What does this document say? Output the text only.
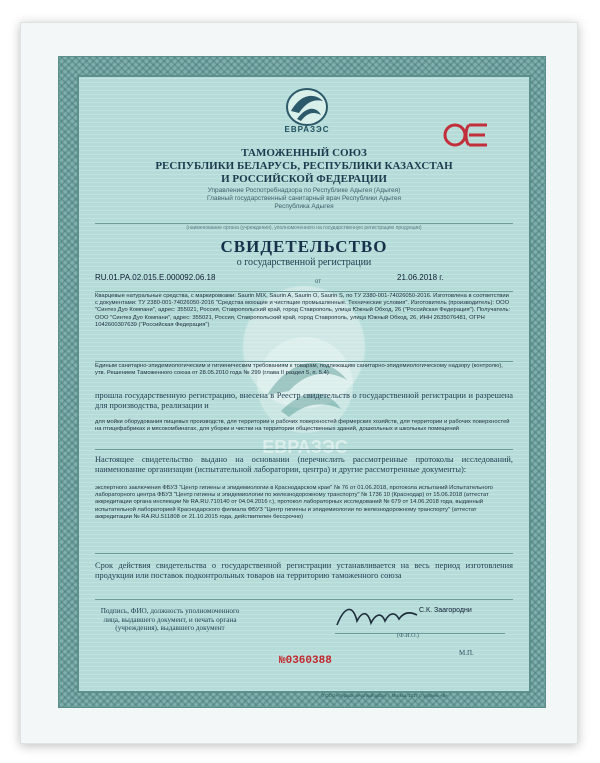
ЕВРАЗЭС
ЕВРАЗЭС
ТАМОЖЕННЫЙ СОЮЗ
РЕСПУБЛИКИ БЕЛАРУСЬ, РЕСПУБЛИКИ КАЗАХСТАН
И РОССИЙСКОЙ ФЕДЕРАЦИИ
Управление Роспотребнадзора по Республике Адыгея (Адыгея)
Главный государственный санитарный врач Республики Адыгея
Республика Адыгея
(наименование органа (учреждения), уполномоченного на государственную регистрацию продукции)
СВИДЕТЕЛЬСТВО
о государственной регистрации
RU.01.РА.02.015.Е.000092.06.18	от	21.06.2018 г.
Кварцевые натуральные средства, с маркировками: Saurin MIX, Saurin A, Saurin O, Saurin S, по ТУ 2380-001-74026050-2016. Изготовлена в соответствии с документами: ТУ 2380-001-74026050-2016 "Средства моющие и чистящие промышленные. Технические условия". Изготовитель (производитель): ООО "Синтез Дуо Компани", адрес: 355021, Россия, Ставропольский край, город Ставрополь, улица Южный Обход, 26 ("Российская Федерация"). Получатель: ООО "Синтез Дуо Компани", адрес: 355021, Россия, Ставропольский край, город Ставрополь, улица Южный Обход, 26, ИНН 2635076481, ОГРН 1042600307639 ("Российская Федерация")
Единым санитарно-эпидемиологическим и гигиеническим требованиям к товарам, подлежащим санитарно-эпидемиологическому надзору (контролю), утв. Решением Таможенного союза от 28.05.2010 года № 299 (глава II раздел 5, п. 5.4)
прошла государственную регистрацию, внесена в Реестр свидетельств о государственной регистрации и разрешена для производства, реализации и
для мойки оборудования пищевых производств, для территории и рабочих поверхностей фермерских хозяйств, для территории и рабочих поверхностей на птицефабриках и мясокомбинатах, для уборки и чистки на территории общественных зданий, дошкольных и школьных помещений
Настоящее свидетельство выдано на основании (перечислить рассмотренные протоколы исследований, наименование организации (испытательной лаборатории, центра) и другие рассмотренные документы):
экспертного заключения ФБУЗ "Центр гигиены и эпидемиологии в Краснодарском крае" № 76 от 01.06.2018, протокола испытаний Испытательного лабораторного центра ФБУЗ "Центр гигиены и эпидемиологии по железнодорожному транспорту" № 1736 10 (Краснодар) от 15.06.2018 (аттестат аккредитации органа инспекции № RA.RU.710140 от 04.04.2016 г.), протокол лабораторных исследований № 679 от 14.06.2018 года, выданный испытательной лабораторией Краснодарского филиала ФБУЗ "Центр гигиены и эпидемиологии по железнодорожному транспорту" (аттестат аккредитации № RA.RU.511808 от 21.10.2015 года, действителен бессрочно)
Срок действия свидетельства о государственной регистрации устанавливается на весь период изготовления продукции или поставок подконтрольных товаров на территорию таможенного союза
Подпись, ФИО, должность уполномоченного лица, выдавшего документ, и печать органа (учреждения), выдавшего документ
С.К. Заагородни
(Ф.И.О.)
М.П.
№0360388
© ООО «Первый печатный двор», г. Москва, 2017 г., уровень «В»
